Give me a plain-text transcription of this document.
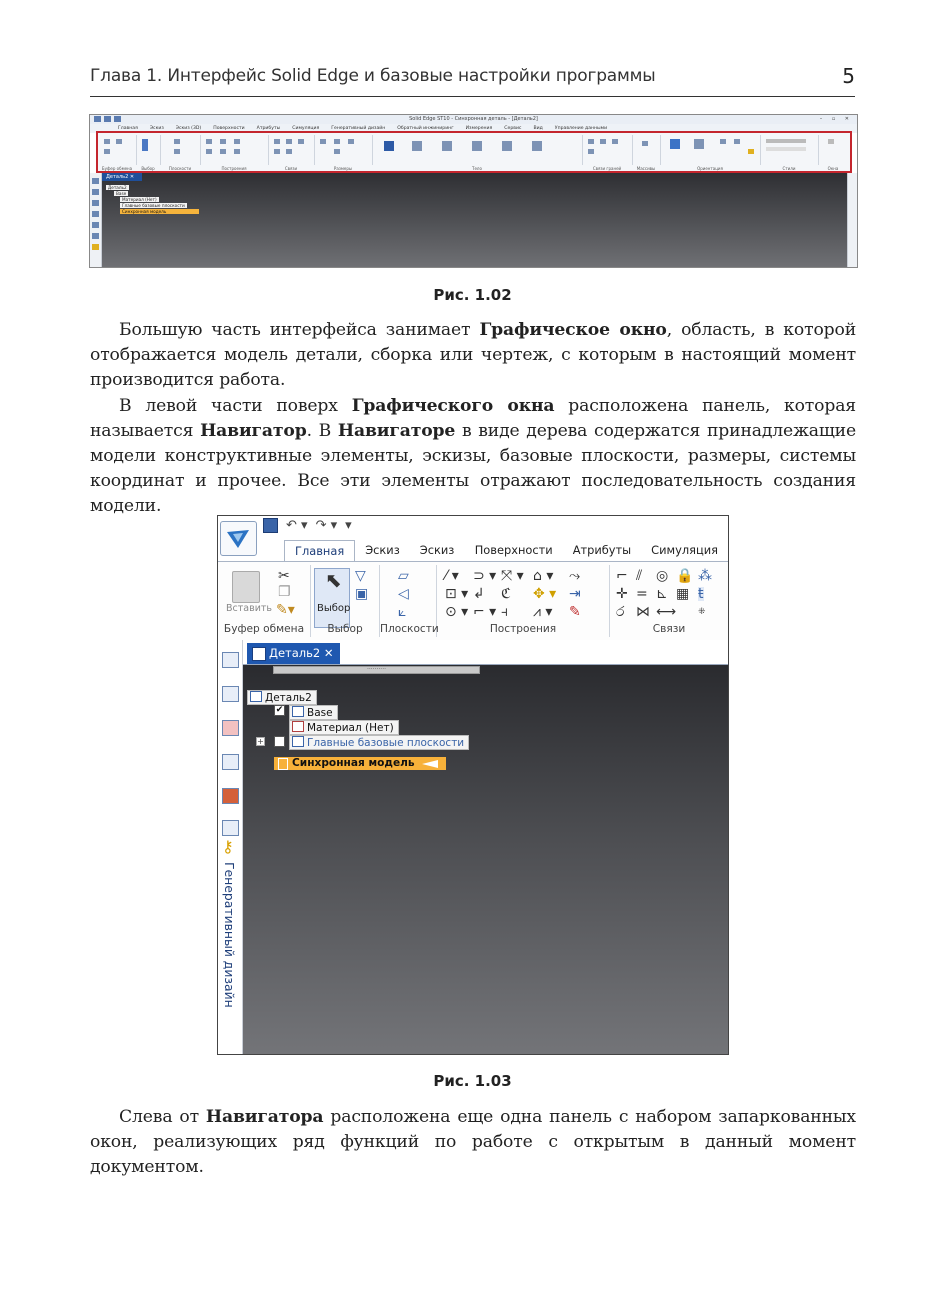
Глава 1. Интерфейс Solid Edge и базовые настройки программы	5
Solid Edge ST10 - Синхронная деталь - [Деталь2]	– ▫ ✕
Главная	Эскиз	Эскиз (3D)	Поверхности	Атрибуты	Симуляция	Генеративный дизайн	Обратный инжиниринг	Измерения	Сервис	Вид	Управление данными
Буфер обмена	Выбор	Плоскости	Построения	Связи	Размеры	Тело	Связи граней	Массивы	Ориентация	Стили	Окна
Деталь2 ✕
Деталь2
Base
Материал (Нет)
Главные базовые плоскости
Синхронная модель
Рис. 1.02

Большую часть интерфейса занимает Графическое окно, область, в которой отображается модель детали, сборка или чертеж, с которым в настоящий момент производится работа.

В левой части поверх Графического окна расположена панель, которая называется Навигатор. В Навигаторе в виде дерева содержатся принадлежащие модели конструктивные элементы, эскизы, базовые плоскости, размеры, системы координат и прочее. Все эти элементы отражают последовательность создания модели.

↶ ▾ ↷ ▾ ▾
Главная	Эскиз	Эскиз	Поверхности	Атрибуты	Симуляция
Вставить
✂
❐
✎▾
Буфер обмена
⬉
Выбор
▽
▣
Выбор
▱
◁
⟀
Плоскости
⁄ ▾ ⊃ ▾ ⤧ ▾ ⌂ ▾ ⤳
⊡ ▾ ↲ ℭ ✥ ▾ ⇥
⊙ ▾ ⌐ ▾ ⫞ ⩘ ▾ ✎
Построения
⌐ ⫽ ◎ 🔒 ⁂
✛ = ⊾ ▦ ŧ
ර ⋈ ⟷ ⁜
Связи
⚷
Генеративный дизайн
Деталь2 ✕
··········
Деталь2
✔	Base
Материал (Нет)
+	Главные базовые плоскости
Синхронная модель
Рис. 1.03

Слева от Навигатора расположена еще одна панель с набором запаркованных окон, реализующих ряд функций по работе с открытым в данный момент документом.
